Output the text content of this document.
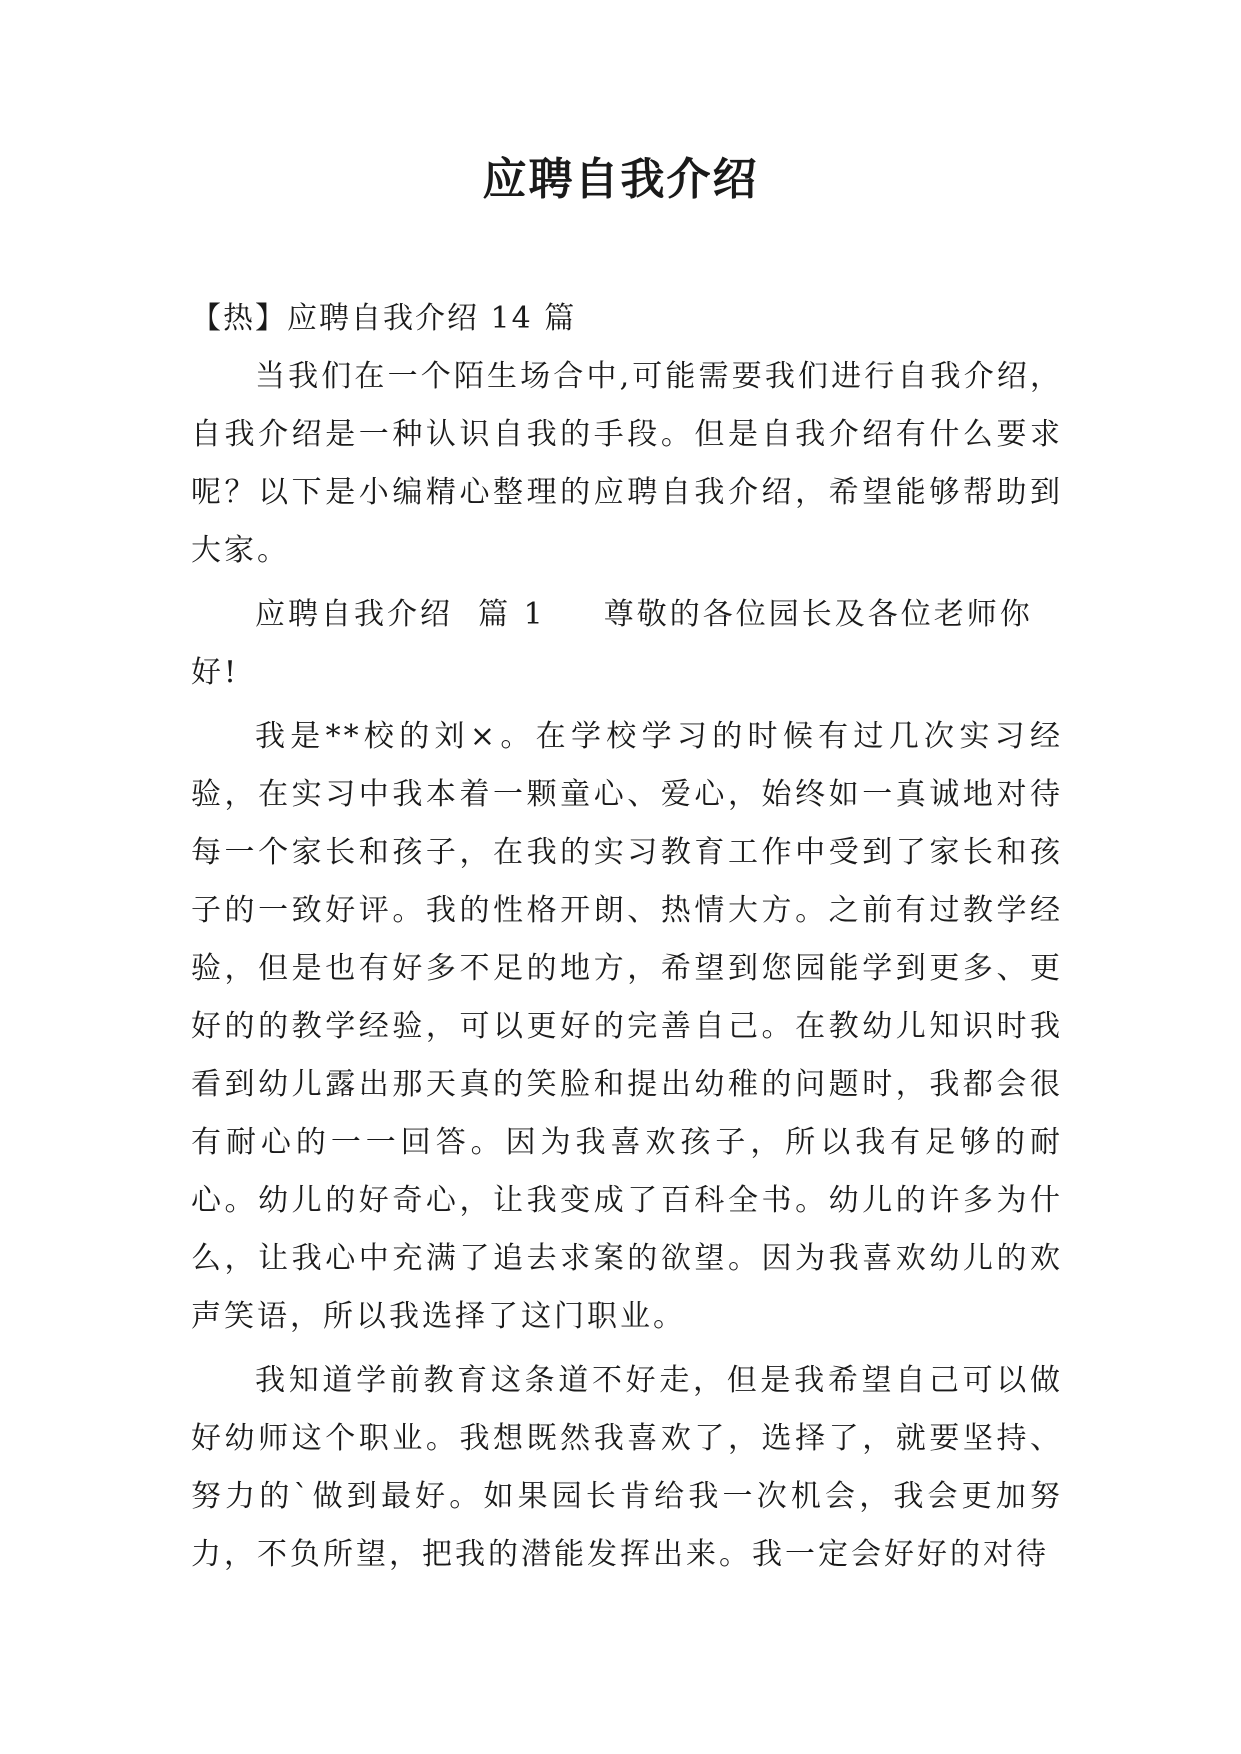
应聘自我介绍

【热】应聘自我介绍 14 篇

当我们在一个陌生场合中,可能需要我们进行自我介绍，自我介绍是一种认识自我的手段。但是自我介绍有什么要求呢？以下是小编精心整理的应聘自我介绍，希望能够帮助到大家。

应聘自我介绍  篇 1 尊敬的各位园长及各位老师你好!

我是**校的刘×。在学校学习的时候有过几次实习经验，在实习中我本着一颗童心、爱心，始终如一真诚地对待每一个家长和孩子，在我的实习教育工作中受到了家长和孩子的一致好评。我的性格开朗、热情大方。之前有过教学经验，但是也有好多不足的地方，希望到您园能学到更多、更好的的教学经验，可以更好的完善自己。在教幼儿知识时我看到幼儿露出那天真的笑脸和提出幼稚的问题时，我都会很有耐心的一一回答。因为我喜欢孩子，所以我有足够的耐心。幼儿的好奇心，让我变成了百科全书。幼儿的许多为什么，让我心中充满了追去求案的欲望。因为我喜欢幼儿的欢声笑语，所以我选择了这门职业。

我知道学前教育这条道不好走，但是我希望自己可以做好幼师这个职业。我想既然我喜欢了，选择了，就要坚持、努力的`做到最好。如果园长肯给我一次机会，我会更加努力，不负所望，把我的潜能发挥出来。我一定会好好的对待
